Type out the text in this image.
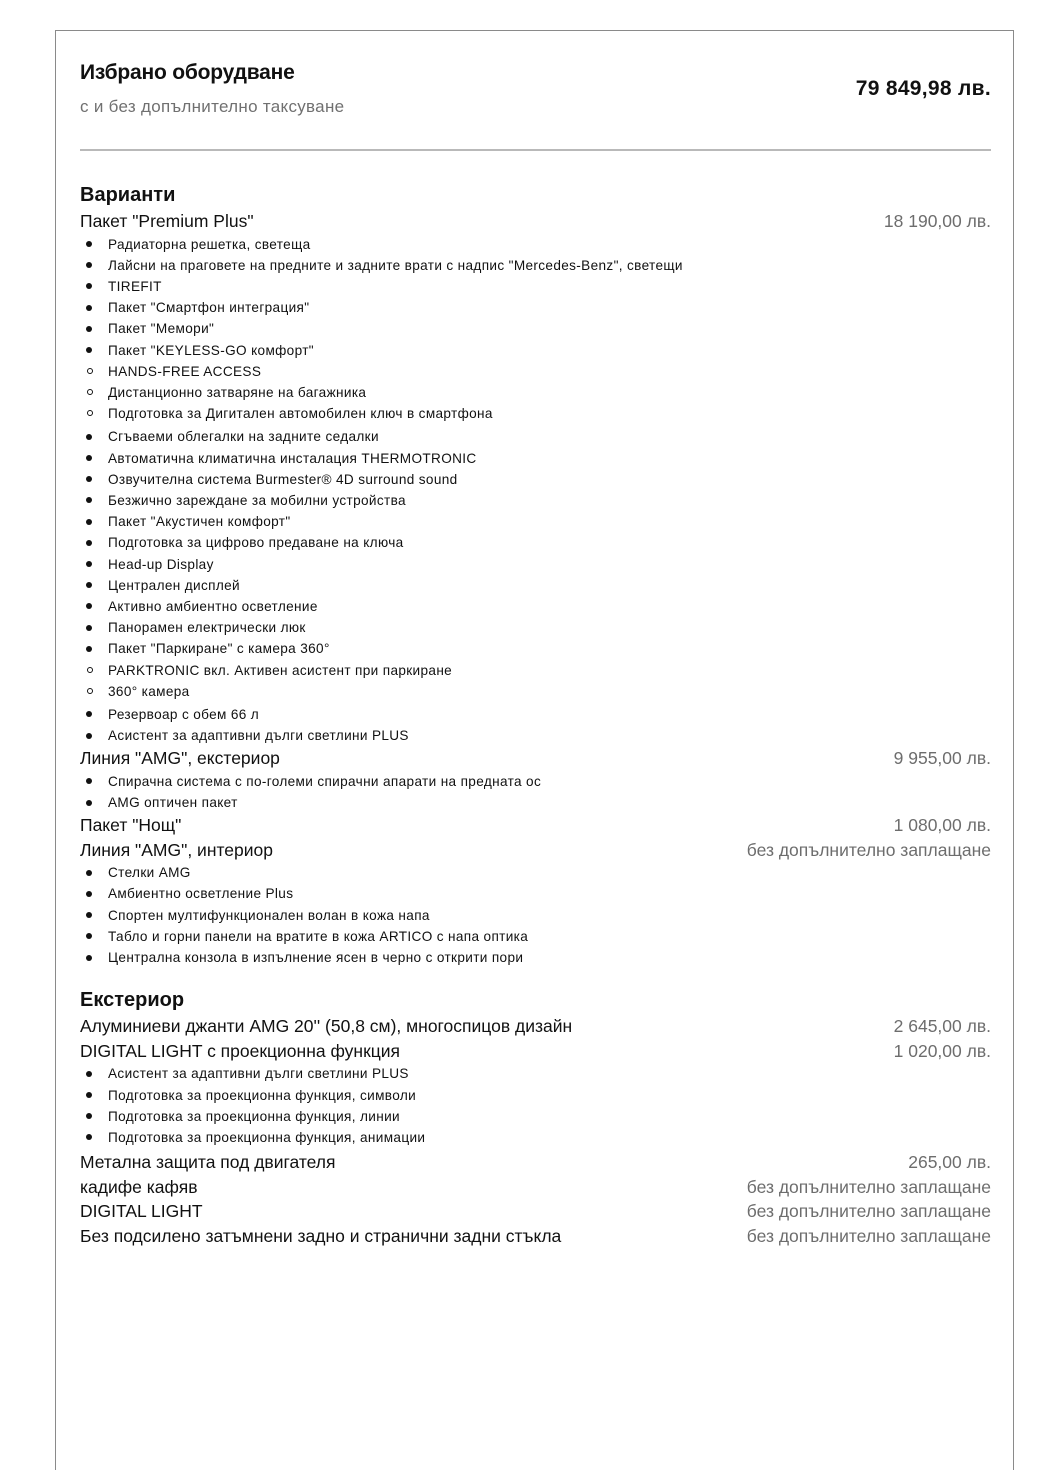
Избрано оборудване
с и без допълнително таксуване
79 849,98 лв.
Варианти
Пакет "Premium Plus"	18 190,00 лв.
Радиаторна решетка, светеща
Лайсни на праговете на предните и задните врати с надпис "Mercedes-Benz", светещи
TIREFIT
Пакет "Смартфон интеграция"
Пакет "Мемори"
Пакет "KEYLESS-GO комфорт"
HANDS-FREE ACCESS
Дистанционно затваряне на багажника
Подготовка за Дигитален автомобилен ключ в смартфона
Сгъваеми облегалки на задните седалки
Автоматична климатична инсталация THERMOTRONIC
Озвучителна система Burmester® 4D surround sound
Безжично зареждане за мобилни устройства
Пакет "Акустичен комфорт"
Подготовка за цифрово предаване на ключа
Head-up Display
Централен дисплей
Активно амбиентно осветление
Панорамен електрически люк
Пакет "Паркиране" с камера 360°
PARKTRONIC вкл. Активен асистент при паркиране
360° камера
Резервоар с обем 66 л
Асистент за адаптивни дълги светлини PLUS
Линия "AMG", екстериор	9 955,00 лв.
Спирачна система с по-големи спирачни апарати на предната ос
AMG оптичен пакет
Пакет "Нощ"	1 080,00 лв.
Линия "AMG", интериор	без допълнително заплащане
Стелки AMG
Амбиентно осветление Plus
Спортен мултифункционален волан в кожа напа
Табло и горни панели на вратите в кожа ARTICO с напа оптика
Централна конзола в изпълнение ясен в черно с открити пори
Екстериор
Алуминиеви джанти AMG 20'' (50,8 см), многоспицов дизайн	2 645,00 лв.
DIGITAL LIGHT с проекционна функция	1 020,00 лв.
Асистент за адаптивни дълги светлини PLUS
Подготовка за проекционна функция, символи
Подготовка за проекционна функция, линии
Подготовка за проекционна функция, анимации
Метална защита под двигателя	265,00 лв.
кадифе кафяв	без допълнително заплащане
DIGITAL LIGHT	без допълнително заплащане
Без подсилено затъмнени задно и странични задни стъкла	без допълнително заплащане
